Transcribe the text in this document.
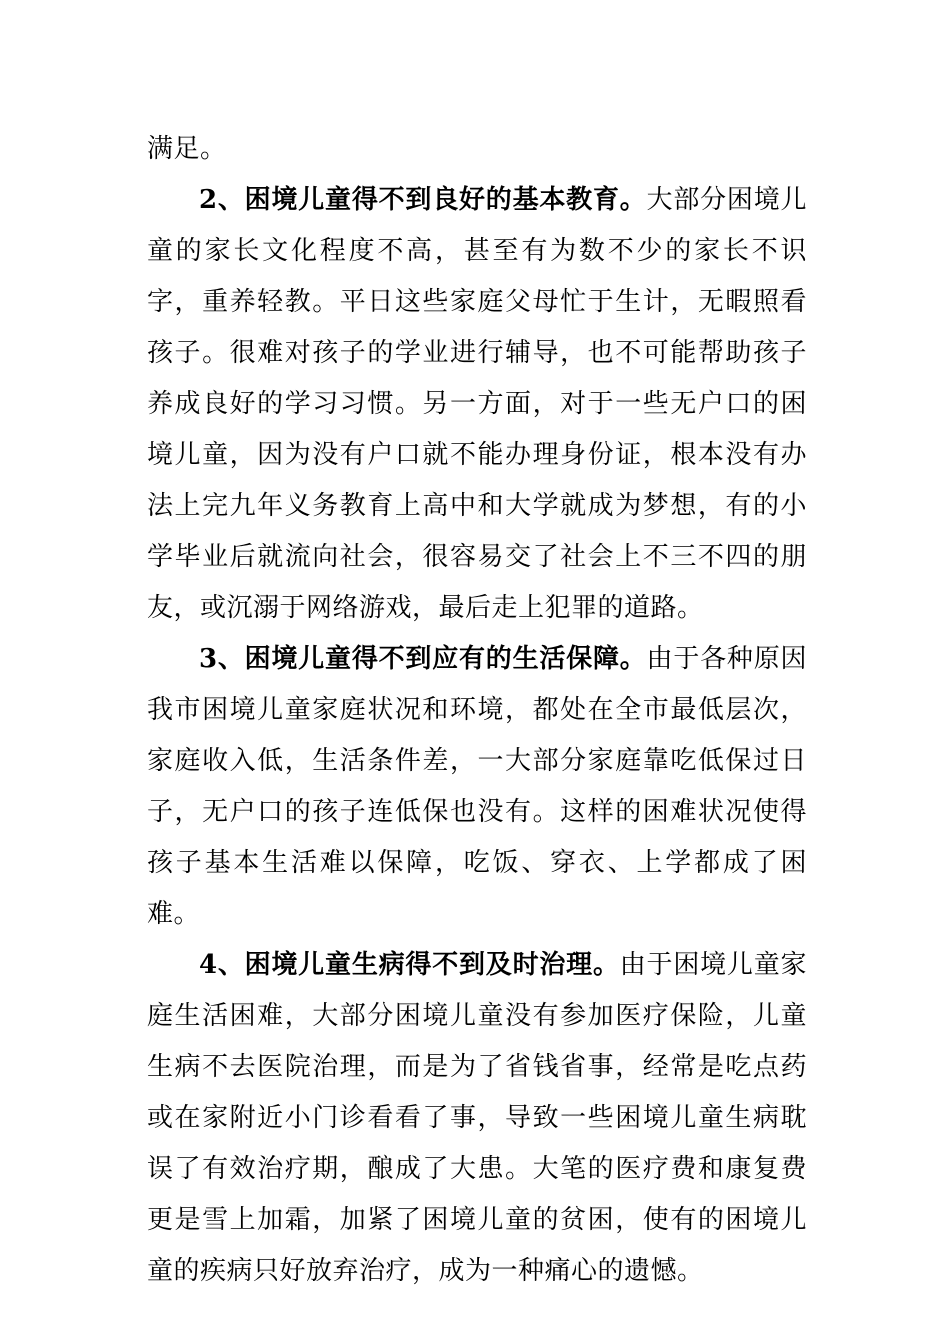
满足。

2、困境儿童得不到良好的基本教育。大部分困境儿童的家长文化程度不高，甚至有为数不少的家长不识字，重养轻教。平日这些家庭父母忙于生计，无暇照看孩子。很难对孩子的学业进行辅导，也不可能帮助孩子养成良好的学习习惯。另一方面，对于一些无户口的困境儿童，因为没有户口就不能办理身份证，根本没有办法上完九年义务教育上高中和大学就成为梦想，有的小学毕业后就流向社会，很容易交了社会上不三不四的朋友，或沉溺于网络游戏，最后走上犯罪的道路。

3、困境儿童得不到应有的生活保障。由于各种原因我市困境儿童家庭状况和环境，都处在全市最低层次，家庭收入低，生活条件差，一大部分家庭靠吃低保过日子，无户口的孩子连低保也没有。这样的困难状况使得孩子基本生活难以保障，吃饭、穿衣、上学都成了困难。

4、困境儿童生病得不到及时治理。由于困境儿童家庭生活困难，大部分困境儿童没有参加医疗保险，儿童生病不去医院治理，而是为了省钱省事，经常是吃点药或在家附近小门诊看看了事，导致一些困境儿童生病耽误了有效治疗期，酿成了大患。大笔的医疗费和康复费更是雪上加霜，加紧了困境儿童的贫困，使有的困境儿童的疾病只好放弃治疗，成为一种痛心的遗憾。
